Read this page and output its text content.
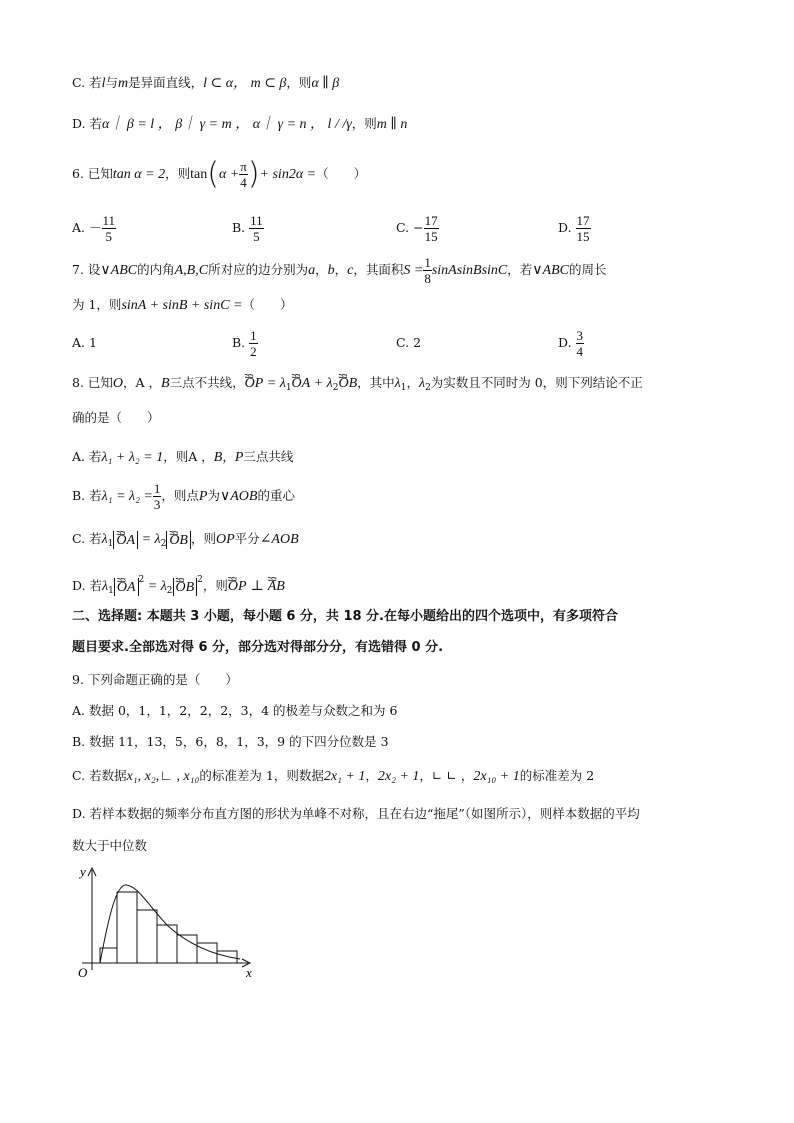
C. 若l与m是异面直线，l ⊂ α， m ⊂ β，则α ∥ β
D. 若α｜ β = l ， β｜ γ = m ， α｜ γ = n ， l / /γ，则m ∥ n
6. 已知tan α = 2，则$\tan(\alpha + \frac{\pi}{4}$ )+ sin2α =（　　）
A. － $\frac{11}{5}$	B. $\frac{11}{5}$	C. − $\frac{17}{15}$	D. $\frac{17}{15}$
7. 设∨ABC的内角A,B,C所对应的边分别为a，b，c，其面积$S = \frac{1}{8}$ sinAsinBsinC，若∨ABC的周长
为 1，则sinA + sinB + sinC =（　　）
A. 1	B. $\frac{1}{2}$	C. 2	D. $\frac{3}{4}$
8. 已知O，A ，B三点不共线，ᴝᴝ OP = $\lambda_1ᴝᴝ$ OA + $\lambda_2ᴝᴝ$ OB，其中$\lambda_1$，$\lambda_2$为实数且不同时为 0，则下列结论不正
确的是（　　）
A. 若λ₁ + λ₂ = 1，则A ，B，P三点共线
B. 若$\lambda_1 = \lambda_2 = \frac{1}{3}$ ，则点P为∨AOB的重心
C. 若$\lambda_1ᴝᴝ$ OA = $\lambda_2ᴝᴝ$ OB ，则OP平分∠AOB
D. 若$\lambda_1ᴝᴝ$ OA $^2 = \lambda_2ᴝᴝ$ OB $^2$，则ᴝᴝ OP ⊥ ᴝᴝ AB
二、选择题: 本题共 3 小题，每小题 6 分，共 18 分.在每小题给出的四个选项中，有多项符合
题目要求.全部选对得 6 分，部分选对得部分分，有选错得 0 分.
9. 下列命题正确的是（　　）
A. 数据 0，1，1，2，2，2，3，4 的极差与众数之和为 6
B. 数据 11，13，5，6，8，1，3，9 的下四分位数是 3
C. 若数据x₁, x₂,∟ , x₁₀的标准差为 1，则数据2x₁ + 1，2x₂ + 1，∟ ∟ ，2x₁₀ + 1的标准差为 2
D. 若样本数据的频率分布直方图的形状为单峰不对称，且在右边“拖尾”（如图所示），则样本数据的平均
数大于中位数
y
x
O
